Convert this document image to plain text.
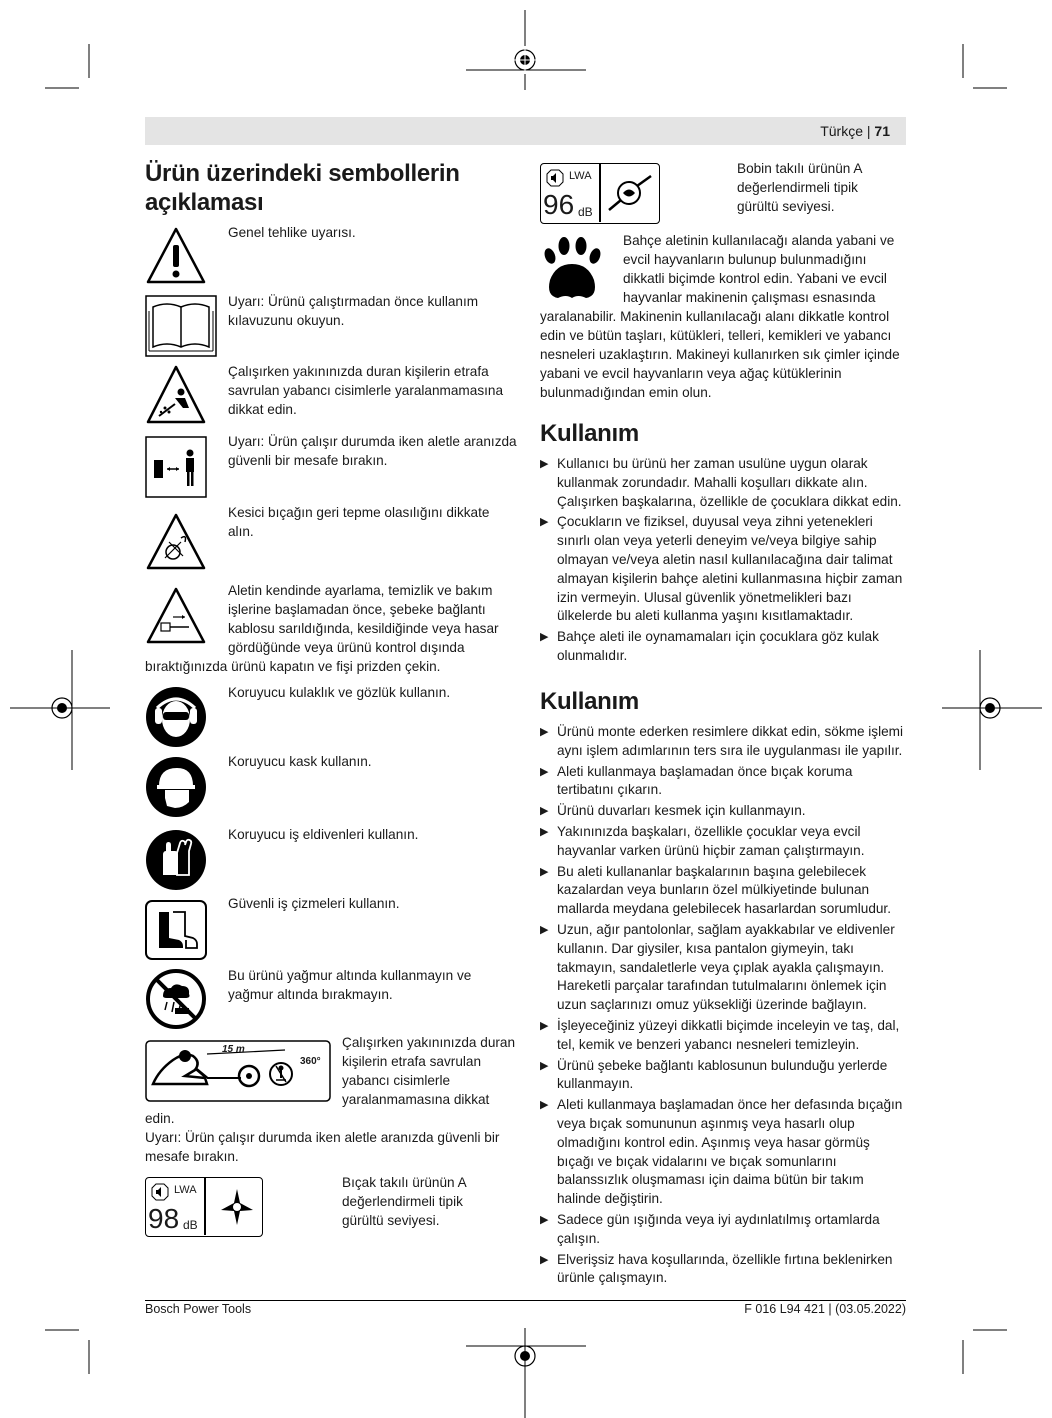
Türkçe | 71
Ürün üzerindeki sembollerin
açıklaması
Genel tehlike uyarısı.
Uyarı: Ürünü çalıştırmadan önce kullanım kılavuzunu okuyun.
Çalışırken yakınınızda duran kişilerin etrafa savrulan yabancı cisimlerle yaralanmamasına dikkat edin.
Uyarı: Ürün çalışır durumda iken aletle aranızda güvenli bir mesafe bırakın.
Kesici bıçağın geri tepme olasılığını dikkate alın.
Aletin kendinde ayarlama, temizlik ve bakım
işlerine başlamadan önce, şebeke bağlantı
kablosu sarıldığında, kesildiğinde veya hasar
gördüğünde veya ürünü kontrol dışında
bıraktığınızda ürünü kapatın ve fişi prizden çekin.
Koruyucu kulaklık ve gözlük kullanın.
Koruyucu kask kullanın.
Koruyucu iş eldivenleri kullanın.
Güvenli iş çizmeleri kullanın.
Bu ürünü yağmur altında kullanmayın ve yağmur altında bırakmayın.
15 m
360°
Çalışırken yakınınızda duran
kişilerin etrafa savrulan
yabancı cisimlerle
yaralanmamasına dikkat
edin.
Uyarı: Ürün çalışır durumda iken aletle aranızda güvenli bir
mesafe bırakın.
LWA
98 dB
Bıçak takılı ürünün A değerlendirmeli tipik gürültü seviyesi.
LWA
96 dB
Bobin takılı ürünün A değerlendirmeli tipik gürültü seviyesi.
Bahçe aletinin kullanılacağı alanda yabani ve
evcil hayvanların bulunup bulunmadığını
dikkatli biçimde kontrol edin. Yabani ve evcil
hayvanlar makinenin çalışması esnasında
yaralanabilir. Makinenin kullanılacağı alanı dikkatle kontrol
edin ve bütün taşları, kütükleri, telleri, kemikleri ve yabancı
nesneleri uzaklaştırın. Makineyi kullanırken sık çimler içinde
yabani ve evcil hayvanların veya ağaç kütüklerinin
bulunmadığından emin olun.
Kullanım
▶ Kullanıcı bu ürünü her zaman usulüne uygun olarak kullanmak zorundadır. Mahalli koşulları dikkate alın. Çalışırken başkalarına, özellikle de çocuklara dikkat edin.
▶ Çocukların ve fiziksel, duyusal veya zihni yetenekleri sınırlı olan veya yeterli deneyim ve/veya bilgiye sahip olmayan ve/veya aletin nasıl kullanılacağına dair talimat almayan kişilerin bahçe aletini kullanmasına hiçbir zaman izin vermeyin. Ulusal güvenlik yönetmelikleri bazı ülkelerde bu aleti kullanma yaşını kısıtlamaktadır.
▶ Bahçe aleti ile oynamamaları için çocuklara göz kulak olunmalıdır.
Kullanım
▶ Ürünü monte ederken resimlere dikkat edin, sökme işlemi aynı işlem adımlarının ters sıra ile uygulanması ile yapılır.
▶ Aleti kullanmaya başlamadan önce bıçak koruma tertibatını çıkarın.
▶ Ürünü duvarları kesmek için kullanmayın.
▶ Yakınınızda başkaları, özellikle çocuklar veya evcil hayvanlar varken ürünü hiçbir zaman çalıştırmayın.
▶ Bu aleti kullananlar başkalarının başına gelebilecek kazalardan veya bunların özel mülkiyetinde bulunan mallarda meydana gelebilecek hasarlardan sorumludur.
▶ Uzun, ağır pantolonlar, sağlam ayakkabılar ve eldivenler kullanın. Dar giysiler, kısa pantalon giymeyin, takı takmayın, sandaletlerle veya çıplak ayakla çalışmayın. Hareketli parçalar tarafından tutulmalarını önlemek için uzun saçlarınızı omuz yüksekliği üzerinde bağlayın.
▶ İşleyeceğiniz yüzeyi dikkatli biçimde inceleyin ve taş, dal, tel, kemik ve benzeri yabancı nesneleri temizleyin.
▶ Ürünü şebeke bağlantı kablosunun bulunduğu yerlerde kullanmayın.
▶ Aleti kullanmaya başlamadan önce her defasında bıçağın veya bıçak somununun aşınmış veya hasarlı olup olmadığını kontrol edin. Aşınmış veya hasar görmüş bıçağı ve bıçak vidalarını ve bıçak somunlarını balanssızlık oluşmaması için daima bütün bir takım halinde değiştirin.
▶ Sadece gün ışığında veya iyi aydınlatılmış ortamlarda çalışın.
▶ Elverişsiz hava koşullarında, özellikle fırtına beklenirken ürünle çalışmayın.
Bosch Power Tools	F 016 L94 421 | (03.05.2022)
